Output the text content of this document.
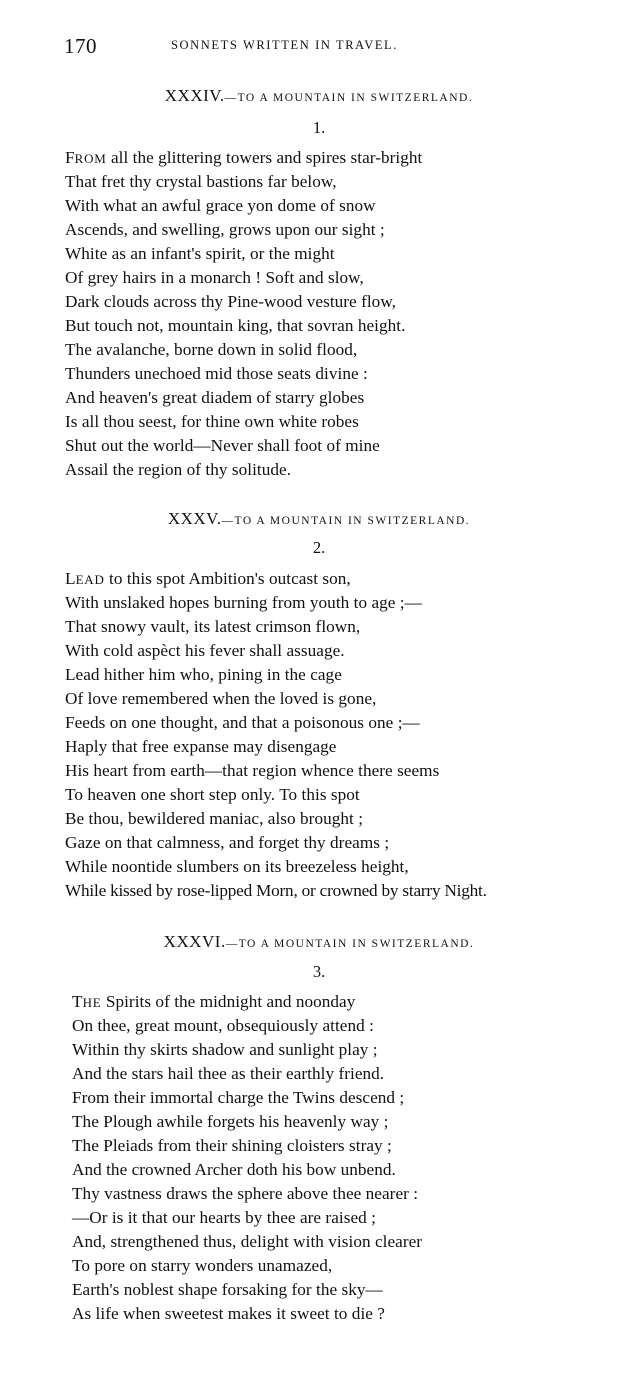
170	SONNETS WRITTEN IN TRAVEL.
XXXIV.—TO A MOUNTAIN IN SWITZERLAND.
1.
FROM all the glittering towers and spires star-bright
That fret thy crystal bastions far below,
With what an awful grace yon dome of snow
Ascends, and swelling, grows upon our sight ;
White as an infant's spirit, or the might
Of grey hairs in a monarch ! Soft and slow,
Dark clouds across thy Pine-wood vesture flow,
But touch not, mountain king, that sovran height.
The avalanche, borne down in solid flood,
Thunders unechoed mid those seats divine :
And heaven's great diadem of starry globes
Is all thou seest, for thine own white robes
Shut out the world—Never shall foot of mine
Assail the region of thy solitude.
XXXV.—TO A MOUNTAIN IN SWITZERLAND.
2.
LEAD to this spot Ambition's outcast son,
With unslaked hopes burning from youth to age ;—
That snowy vault, its latest crimson flown,
With cold aspèct his fever shall assuage.
Lead hither him who, pining in the cage
Of love remembered when the loved is gone,
Feeds on one thought, and that a poisonous one ;—
Haply that free expanse may disengage
His heart from earth—that region whence there seems
To heaven one short step only. To this spot
Be thou, bewildered maniac, also brought ;
Gaze on that calmness, and forget thy dreams ;
While noontide slumbers on its breezeless height,
While kissed by rose-lipped Morn, or crowned by starry Night.
XXXVI.—TO A MOUNTAIN IN SWITZERLAND.
3.
THE Spirits of the midnight and noonday
On thee, great mount, obsequiously attend :
Within thy skirts shadow and sunlight play ;
And the stars hail thee as their earthly friend.
From their immortal charge the Twins descend ;
The Plough awhile forgets his heavenly way ;
The Pleiads from their shining cloisters stray ;
And the crowned Archer doth his bow unbend.
Thy vastness draws the sphere above thee nearer :
—Or is it that our hearts by thee are raised ;
And, strengthened thus, delight with vision clearer
To pore on starry wonders unamazed,
Earth's noblest shape forsaking for the sky—
As life when sweetest makes it sweet to die ?
